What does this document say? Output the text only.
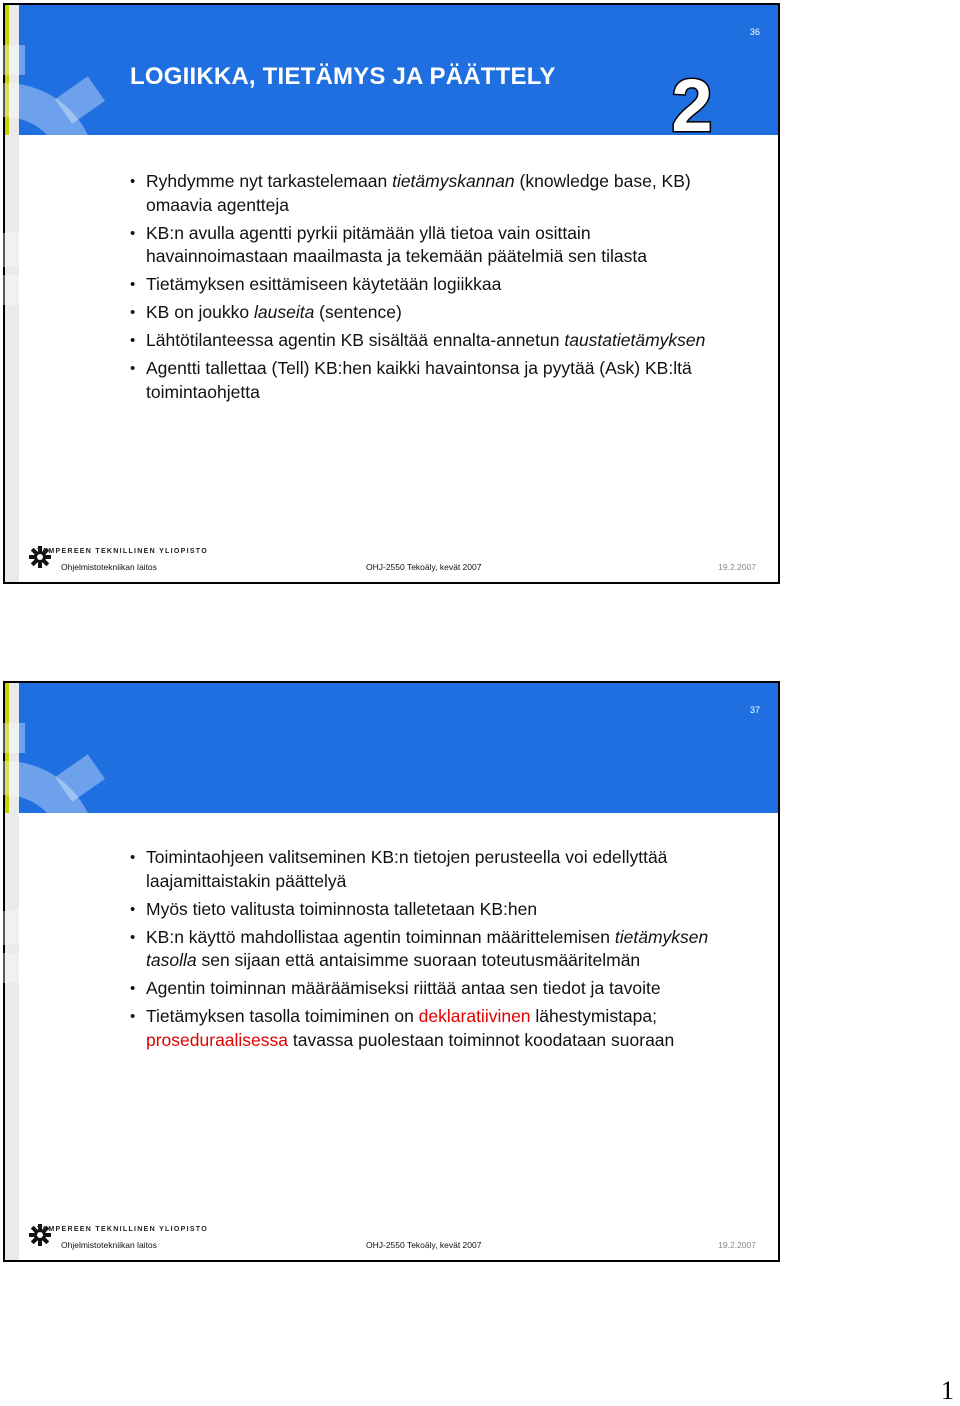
LOGIIKKA, TIETÄMYS JA PÄÄTTELY
36
2
• Ryhdymme nyt tarkastelemaan tietämyskannan (knowledge base, KB) omaavia agentteja
• KB:n avulla agentti pyrkii pitämään yllä tietoa vain osittain havainnoimastaan maailmasta ja tekemään päätelmiä sen tilasta
• Tietämyksen esittämiseen käytetään logiikkaa
• KB on joukko lauseita (sentence)
• Lähtötilanteessa agentin KB sisältää ennalta-annetun taustatietämyksen
• Agentti tallettaa (Tell) KB:hen kaikki havaintonsa ja pyytää (Ask) KB:ltä toimintaohjetta
TAMPEREEN TEKNILLINEN YLIOPISTO
Ohjelmistotekniikan laitos	OHJ-2550 Tekoäly, kevät 2007	19.2.2007
37
• Toimintaohjeen valitseminen KB:n tietojen perusteella voi edellyttää laajamittaistakin päättelyä
• Myös tieto valitusta toiminnosta talletetaan KB:hen
• KB:n käyttö mahdollistaa agentin toiminnan määrittelemisen tietämyksen tasolla sen sijaan että antaisimme suoraan toteutusmääritelmän
• Agentin toiminnan määräämiseksi riittää antaa sen tiedot ja tavoite
• Tietämyksen tasolla toimiminen on deklaratiivinen lähestymistapa; proseduraalisessa tavassa puolestaan toiminnot koodataan suoraan
TAMPEREEN TEKNILLINEN YLIOPISTO
Ohjelmistotekniikan laitos	OHJ-2550 Tekoäly, kevät 2007	19.2.2007
1
